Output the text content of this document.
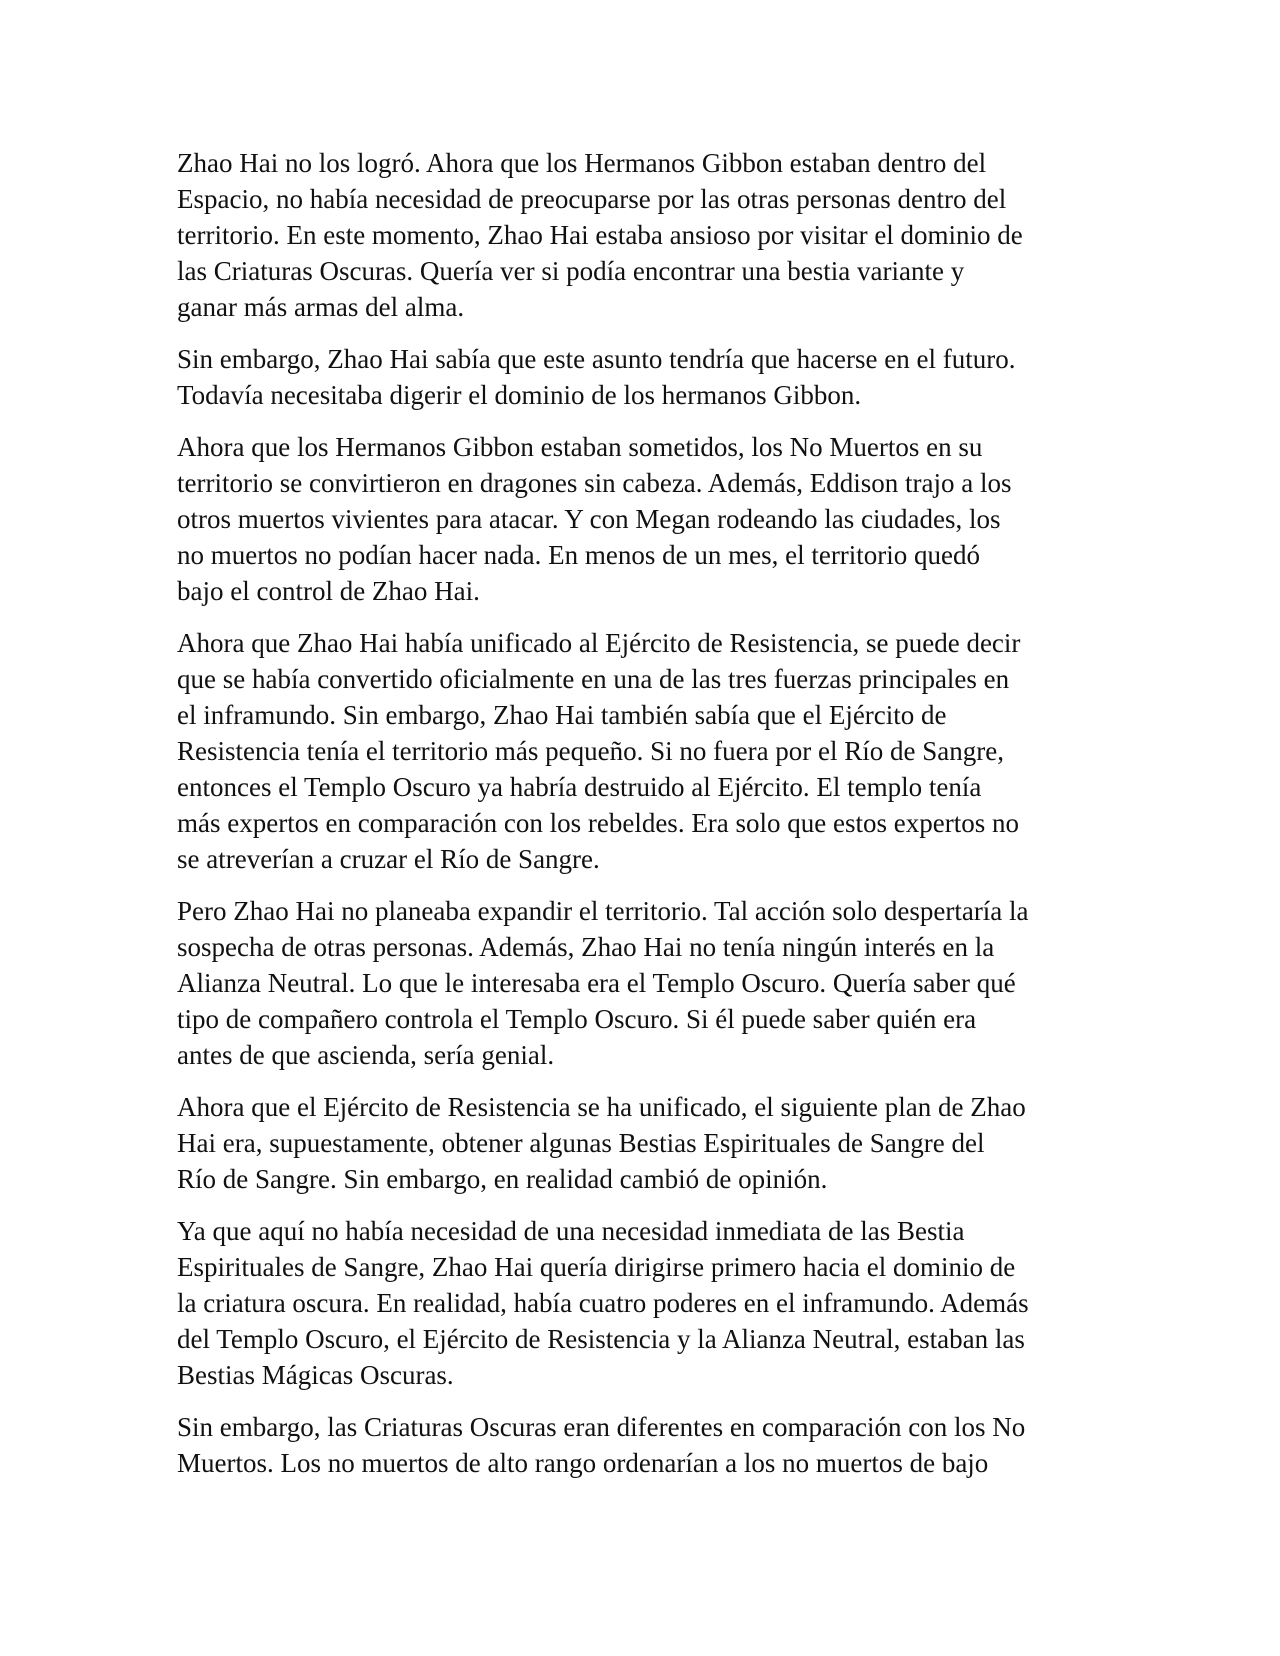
Zhao Hai no los logró. Ahora que los Hermanos Gibbon estaban dentro del
Espacio, no había necesidad de preocuparse por las otras personas dentro del
territorio. En este momento, Zhao Hai estaba ansioso por visitar el dominio de
las Criaturas Oscuras. Quería ver si podía encontrar una bestia variante y
ganar más armas del alma.

Sin embargo, Zhao Hai sabía que este asunto tendría que hacerse en el futuro.
Todavía necesitaba digerir el dominio de los hermanos Gibbon.

Ahora que los Hermanos Gibbon estaban sometidos, los No Muertos en su
territorio se convirtieron en dragones sin cabeza. Además, Eddison trajo a los
otros muertos vivientes para atacar. Y con Megan rodeando las ciudades, los
no muertos no podían hacer nada. En menos de un mes, el territorio quedó
bajo el control de Zhao Hai.

Ahora que Zhao Hai había unificado al Ejército de Resistencia, se puede decir
que se había convertido oficialmente en una de las tres fuerzas principales en
el inframundo. Sin embargo, Zhao Hai también sabía que el Ejército de
Resistencia tenía el territorio más pequeño. Si no fuera por el Río de Sangre,
entonces el Templo Oscuro ya habría destruido al Ejército. El templo tenía
más expertos en comparación con los rebeldes. Era solo que estos expertos no
se atreverían a cruzar el Río de Sangre.

Pero Zhao Hai no planeaba expandir el territorio. Tal acción solo despertaría la
sospecha de otras personas. Además, Zhao Hai no tenía ningún interés en la
Alianza Neutral. Lo que le interesaba era el Templo Oscuro. Quería saber qué
tipo de compañero controla el Templo Oscuro. Si él puede saber quién era
antes de que ascienda, sería genial.

Ahora que el Ejército de Resistencia se ha unificado, el siguiente plan de Zhao
Hai era, supuestamente, obtener algunas Bestias Espirituales de Sangre del
Río de Sangre. Sin embargo, en realidad cambió de opinión.

Ya que aquí no había necesidad de una necesidad inmediata de las Bestia
Espirituales de Sangre, Zhao Hai quería dirigirse primero hacia el dominio de
la criatura oscura. En realidad, había cuatro poderes en el inframundo. Además
del Templo Oscuro, el Ejército de Resistencia y la Alianza Neutral, estaban las
Bestias Mágicas Oscuras.

Sin embargo, las Criaturas Oscuras eran diferentes en comparación con los No
Muertos. Los no muertos de alto rango ordenarían a los no muertos de bajo
